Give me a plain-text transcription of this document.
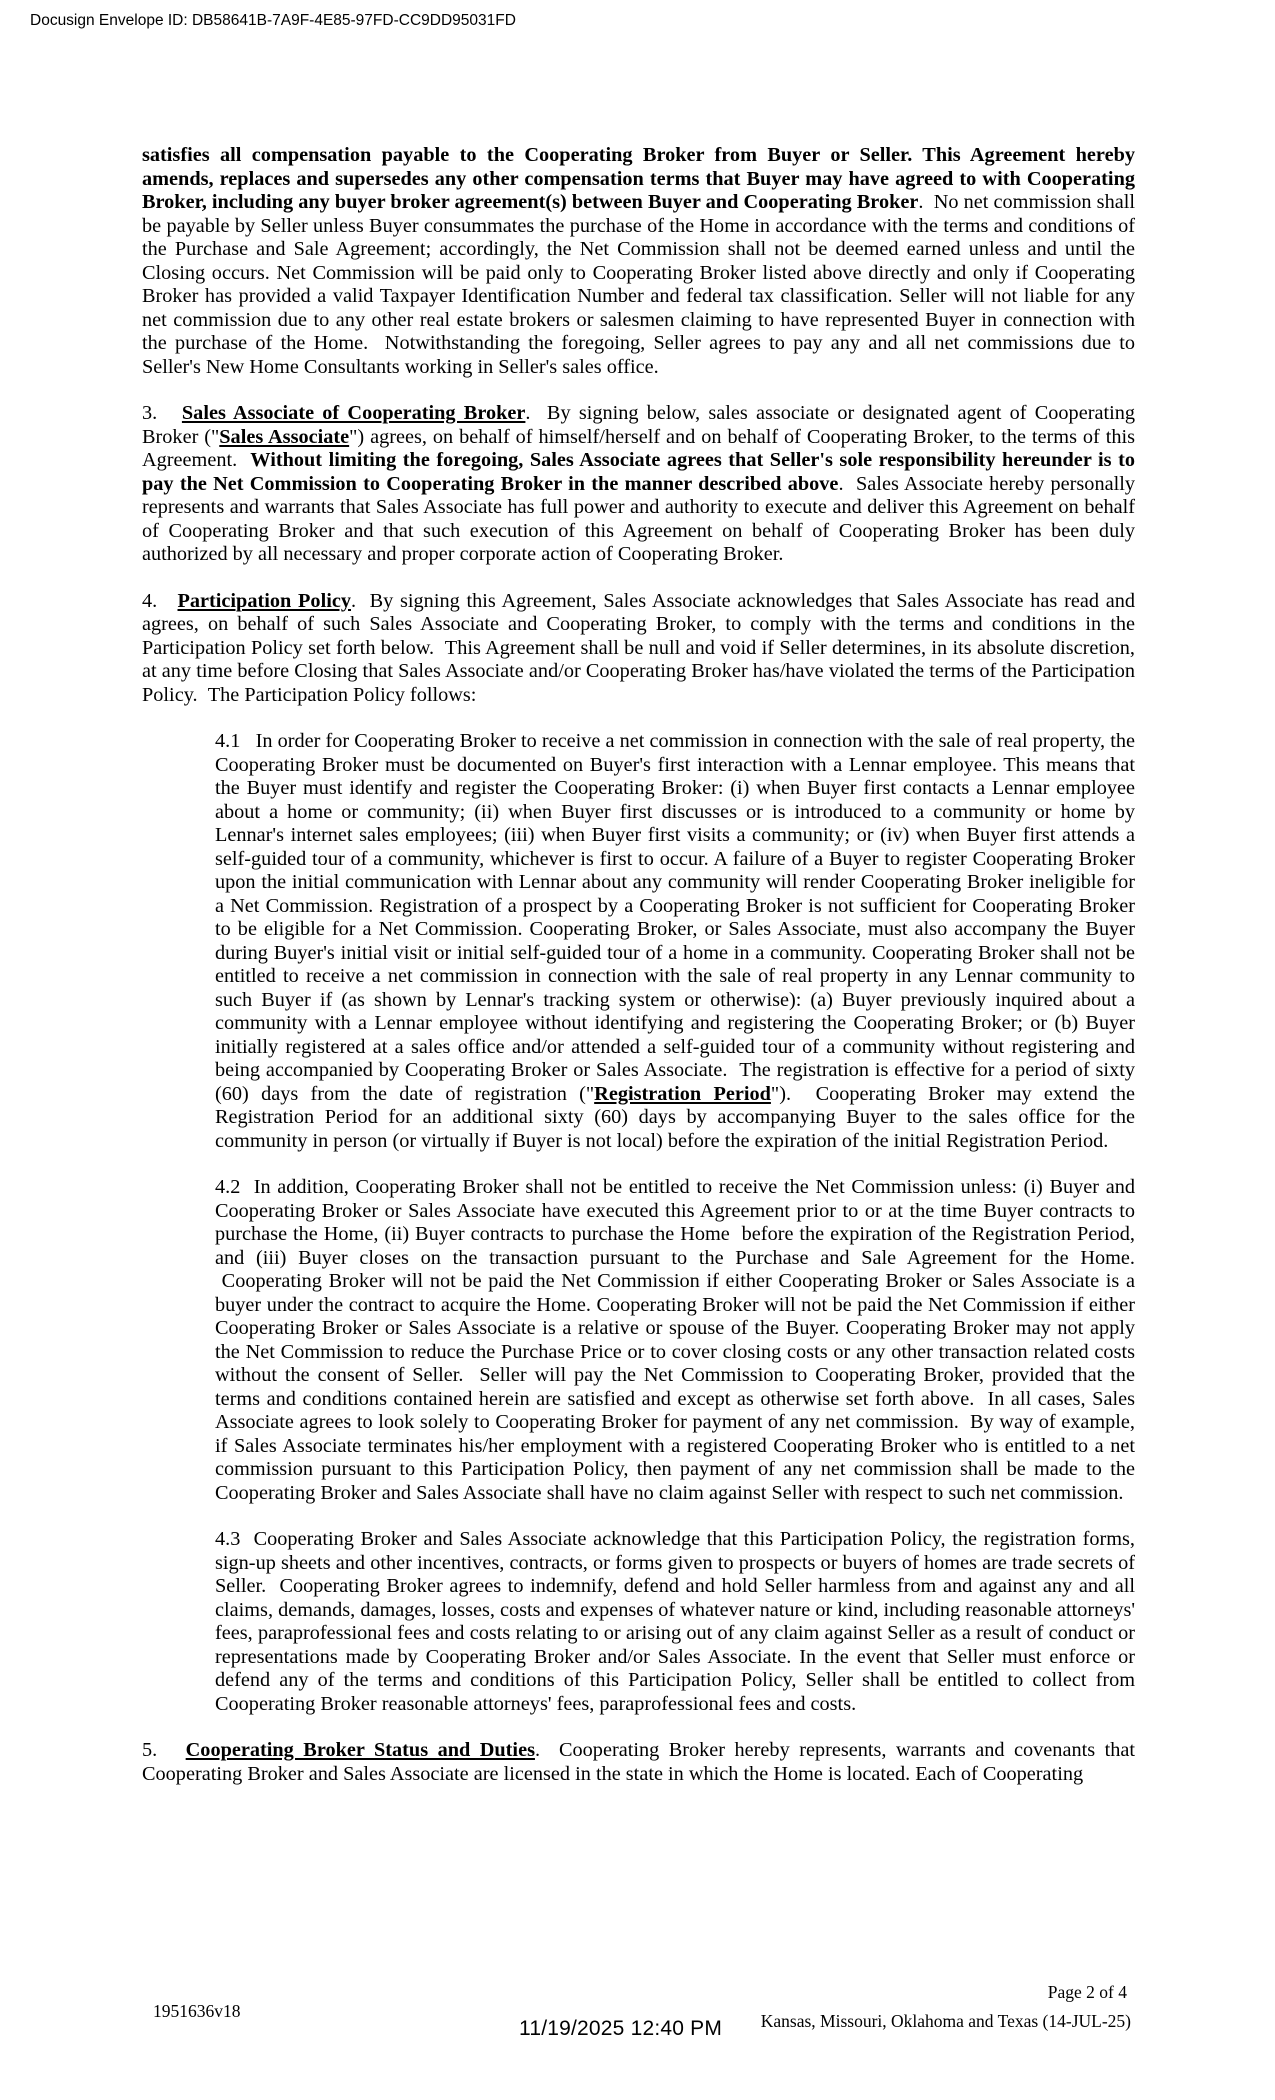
Docusign Envelope ID: DB58641B-7A9F-4E85-97FD-CC9DD95031FD

satisfies all compensation payable to the Cooperating Broker from Buyer or Seller. This Agreement hereby amends, replaces and supersedes any other compensation terms that Buyer may have agreed to with Cooperating Broker, including any buyer broker agreement(s) between Buyer and Cooperating Broker.  No net commission shall be payable by Seller unless Buyer consummates the purchase of the Home in accordance with the terms and conditions of the Purchase and Sale Agreement; accordingly, the Net Commission shall not be deemed earned unless and until the Closing occurs. Net Commission will be paid only to Cooperating Broker listed above directly and only if Cooperating Broker has provided a valid Taxpayer Identification Number and federal tax classification. Seller will not liable for any net commission due to any other real estate brokers or salesmen claiming to have represented Buyer in connection with the purchase of the Home.  Notwithstanding the foregoing, Seller agrees to pay any and all net commissions due to Seller's New Home Consultants working in Seller's sales office.

3.   Sales Associate of Cooperating Broker.  By signing below, sales associate or designated agent of Cooperating Broker ("Sales Associate") agrees, on behalf of himself/herself and on behalf of Cooperating Broker, to the terms of this Agreement.  Without limiting the foregoing, Sales Associate agrees that Seller's sole responsibility hereunder is to pay the Net Commission to Cooperating Broker in the manner described above.  Sales Associate hereby personally represents and warrants that Sales Associate has full power and authority to execute and deliver this Agreement on behalf of Cooperating Broker and that such execution of this Agreement on behalf of Cooperating Broker has been duly authorized by all necessary and proper corporate action of Cooperating Broker.

4.   Participation Policy.  By signing this Agreement, Sales Associate acknowledges that Sales Associate has read and agrees, on behalf of such Sales Associate and Cooperating Broker, to comply with the terms and conditions in the Participation Policy set forth below.  This Agreement shall be null and void if Seller determines, in its absolute discretion, at any time before Closing that Sales Associate and/or Cooperating Broker has/have violated the terms of the Participation Policy.  The Participation Policy follows:

4.1   In order for Cooperating Broker to receive a net commission in connection with the sale of real property, the Cooperating Broker must be documented on Buyer's first interaction with a Lennar employee. This means that the Buyer must identify and register the Cooperating Broker: (i) when Buyer first contacts a Lennar employee about a home or community; (ii) when Buyer first discusses or is introduced to a community or home by Lennar's internet sales employees; (iii) when Buyer first visits a community; or (iv) when Buyer first attends a self-guided tour of a community, whichever is first to occur. A failure of a Buyer to register Cooperating Broker upon the initial communication with Lennar about any community will render Cooperating Broker ineligible for a Net Commission. Registration of a prospect by a Cooperating Broker is not sufficient for Cooperating Broker to be eligible for a Net Commission. Cooperating Broker, or Sales Associate, must also accompany the Buyer during Buyer's initial visit or initial self-guided tour of a home in a community. Cooperating Broker shall not be entitled to receive a net commission in connection with the sale of real property in any Lennar community to such Buyer if (as shown by Lennar's tracking system or otherwise): (a) Buyer previously inquired about a community with a Lennar employee without identifying and registering the Cooperating Broker; or (b) Buyer initially registered at a sales office and/or attended a self-guided tour of a community without registering and being accompanied by Cooperating Broker or Sales Associate.  The registration is effective for a period of sixty (60) days from the date of registration ("Registration Period").  Cooperating Broker may extend the Registration Period for an additional sixty (60) days by accompanying Buyer to the sales office for the community in person (or virtually if Buyer is not local) before the expiration of the initial Registration Period.

4.2  In addition, Cooperating Broker shall not be entitled to receive the Net Commission unless: (i) Buyer and Cooperating Broker or Sales Associate have executed this Agreement prior to or at the time Buyer contracts to purchase the Home, (ii) Buyer contracts to purchase the Home  before the expiration of the Registration Period, and (iii) Buyer closes on the transaction pursuant to the Purchase and Sale Agreement for the Home.  Cooperating Broker will not be paid the Net Commission if either Cooperating Broker or Sales Associate is a buyer under the contract to acquire the Home. Cooperating Broker will not be paid the Net Commission if either Cooperating Broker or Sales Associate is a relative or spouse of the Buyer. Cooperating Broker may not apply the Net Commission to reduce the Purchase Price or to cover closing costs or any other transaction related costs without the consent of Seller.  Seller will pay the Net Commission to Cooperating Broker, provided that the terms and conditions contained herein are satisfied and except as otherwise set forth above.  In all cases, Sales Associate agrees to look solely to Cooperating Broker for payment of any net commission.  By way of example, if Sales Associate terminates his/her employment with a registered Cooperating Broker who is entitled to a net commission pursuant to this Participation Policy, then payment of any net commission shall be made to the Cooperating Broker and Sales Associate shall have no claim against Seller with respect to such net commission.

4.3  Cooperating Broker and Sales Associate acknowledge that this Participation Policy, the registration forms, sign-up sheets and other incentives, contracts, or forms given to prospects or buyers of homes are trade secrets of Seller.  Cooperating Broker agrees to indemnify, defend and hold Seller harmless from and against any and all claims, demands, damages, losses, costs and expenses of whatever nature or kind, including reasonable attorneys' fees, paraprofessional fees and costs relating to or arising out of any claim against Seller as a result of conduct or representations made by Cooperating Broker and/or Sales Associate. In the event that Seller must enforce or defend any of the terms and conditions of this Participation Policy, Seller shall be entitled to collect from Cooperating Broker reasonable attorneys' fees, paraprofessional fees and costs.

5.   Cooperating Broker Status and Duties.  Cooperating Broker hereby represents, warrants and covenants that Cooperating Broker and Sales Associate are licensed in the state in which the Home is located. Each of Cooperating

1951636v18
Page 2 of 4
Kansas, Missouri, Oklahoma and Texas (14-JUL-25)
11/19/2025 12:40 PM
